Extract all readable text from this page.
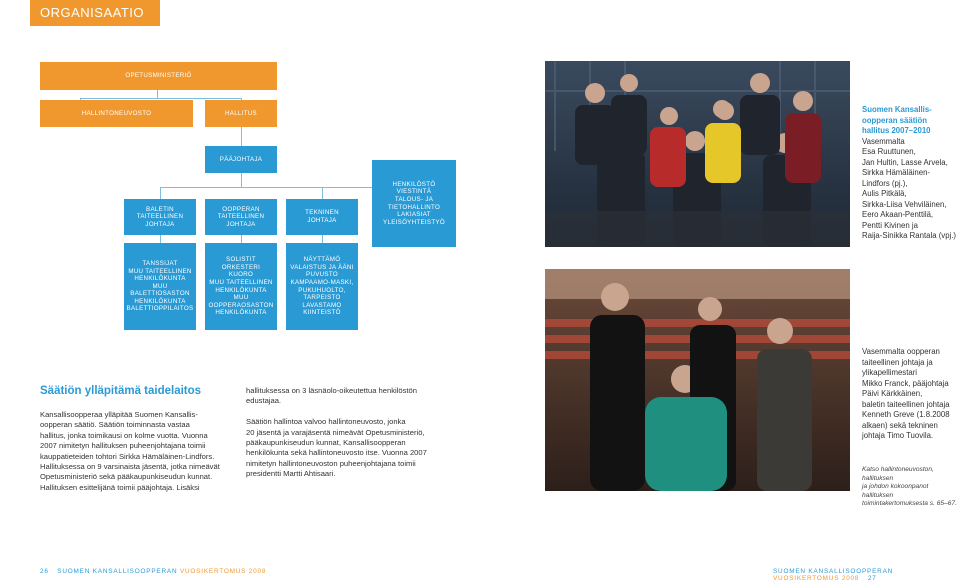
ORGANISAATIO
OPETUSMINISTERIÖ
HALLINTONEUVOSTO	HALLITUS
PÄÄJOHTAJA
BALETIN
TAITEELLINEN
JOHTAJA
OOPPERAN
TAITEELLINEN
JOHTAJA
TEKNINEN
JOHTAJA
HENKILÖSTÖ
VIESTINTÄ
TALOUS- JA
TIETOHALLINTO
LAKIASIAT
YLEISÖYHTEISTYÖ
TANSSIJAT
MUU TAITEELLINEN
HENKILÖKUNTA
MUU BALETTIOSASTON
HENKILÖKUNTA
BALETTIOPPILAITOS
SOLISTIT
ORKESTERI
KUORO
MUU TAITEELLINEN
HENKILÖKUNTA
MUU
OOPPERAOSASTON
HENKILÖKUNTA
NÄYTTÄMÖ
VALAISTUS JA ÄÄNI
PUVUSTO
KAMPAAMO-MASKI,
PUKUHUOLTO,
TARPEISTO
LAVASTAMO
KIINTEISTÖ
Suomen Kansallis-
oopperan säätiön
hallitus 2007–2010
Vasemmalta
Esa Ruuttunen,
Jan Hultin, Lasse Arvela,
Sirkka Hämäläinen-
Lindfors (pj.),
Aulis Pitkälä,
Sirkka-Liisa Vehviläinen,
Eero Akaan-Penttilä,
Pentti Kivinen ja
Raija-Sinikka Rantala (vpj.)
Vasemmalta oopperan
taiteellinen johtaja ja
ylikapellimestari
Mikko Franck, pääjohtaja
Päivi Kärkkäinen,
baletin taiteellinen johtaja
Kenneth Greve (1.8.2008
alkaen) sekä tekninen
johtaja Timo Tuovila.
Katso hallintoneuvoston, hallituksen
ja johdon kokoonpanot hallituksen
toimintakertomuksesta s. 65–67.
Säätiön ylläpitämä taidelaitos
Kansallisoopperaa ylläpitää Suomen Kansallis-
oopperan säätiö. Säätiön toiminnasta vastaa
hallitus, jonka toimikausi on kolme vuotta. Vuonna
2007 nimitetyn hallituksen puheenjohtajana toimii
kauppatieteiden tohtori Sirkka Hämäläinen-Lindfors.
Hallituksessa on 9 varsinaista jäsentä, jotka nimeävät
Opetusministeriö sekä pääkaupunkiseudun kunnat.
Hallituksen esittelijänä toimii pääjohtaja. Lisäksi
hallituksessa on 3 läsnäolo-oikeutettua henkilöstön
edustajaa.

Säätiön hallintoa valvoo hallintoneuvosto, jonka
20 jäsentä ja varajäsentä nimeävät Opetusministeriö,
pääkaupunkiseudun kunnat, Kansallisoopperan
henkilökunta sekä hallintoneuvosto itse. Vuonna 2007
nimitetyn hallintoneuvoston puheenjohtajana toimii
presidentti Martti Ahtisaari.
26 SUOMEN KANSALLISOOPPERAN VUOSIKERTOMUS 2008	SUOMEN KANSALLISOOPPERAN VUOSIKERTOMUS 2008 27
